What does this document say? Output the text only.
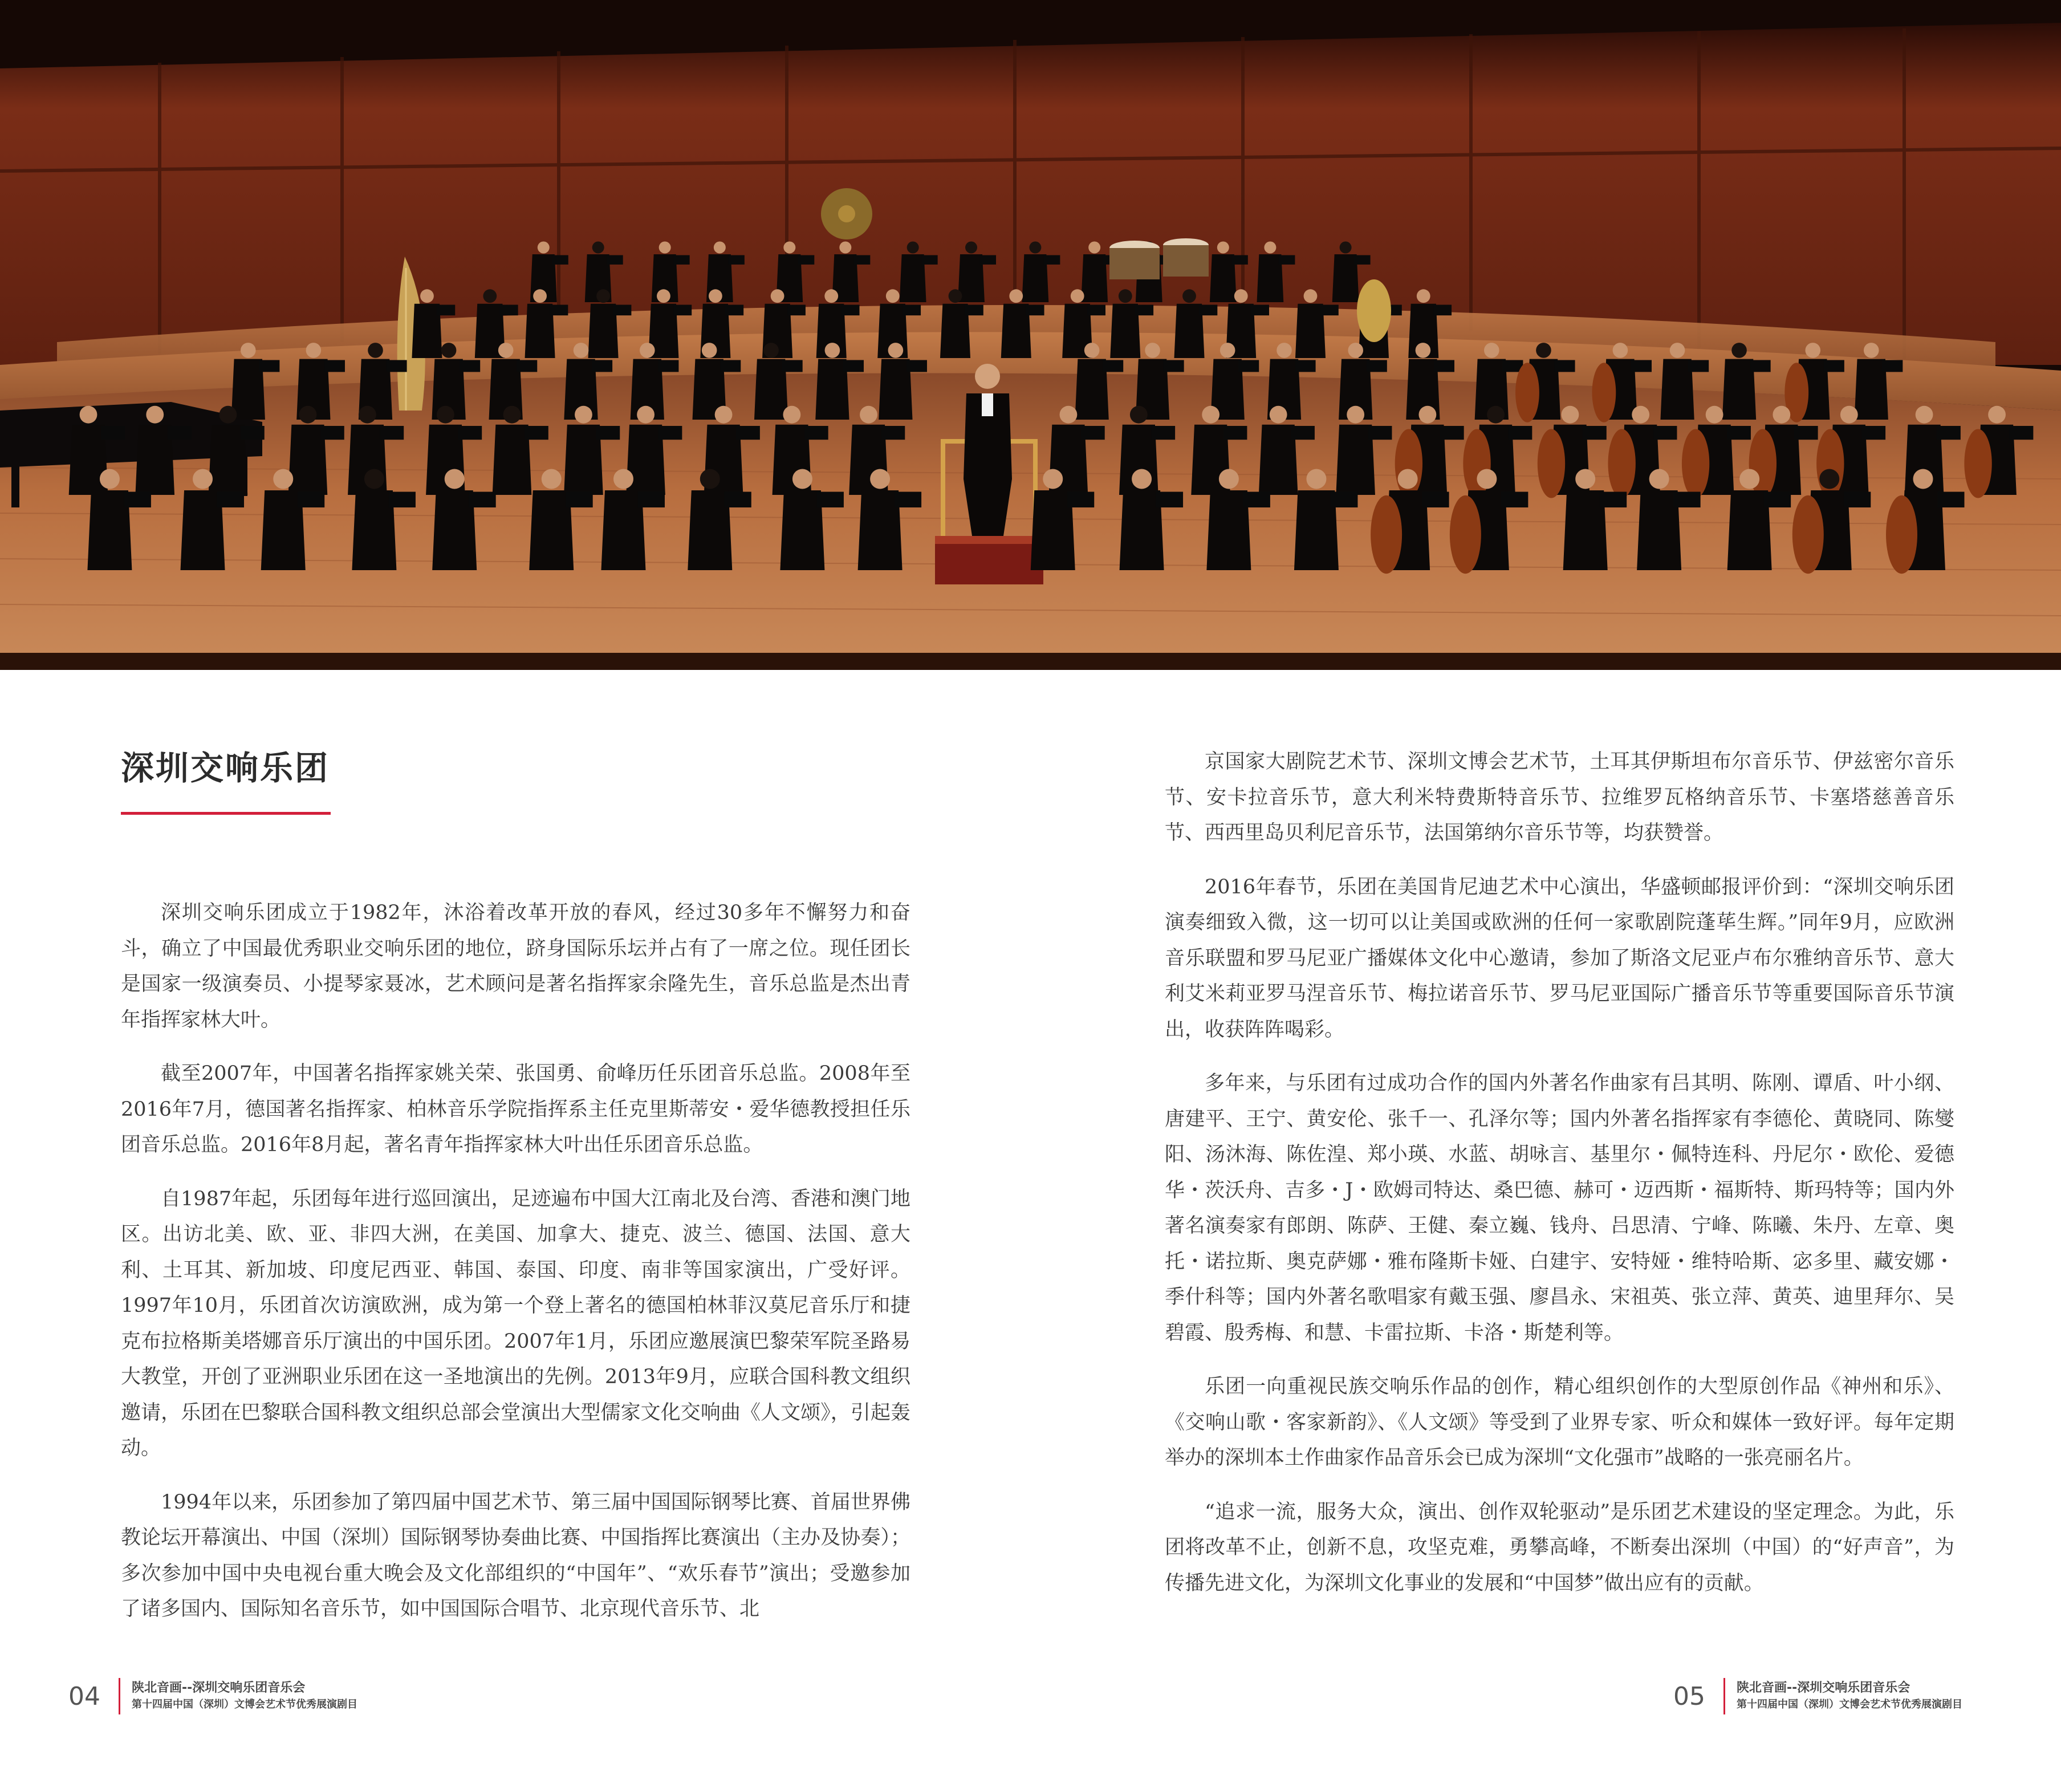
深圳交响乐团

深圳交响乐团成立于1982年，沐浴着改革开放的春风，经过30多年不懈努力和奋斗，确立了中国最优秀职业交响乐团的地位，跻身国际乐坛并占有了一席之位。现任团长是国家一级演奏员、小提琴家聂冰，艺术顾问是著名指挥家余隆先生，音乐总监是杰出青年指挥家林大叶。

截至2007年，中国著名指挥家姚关荣、张国勇、俞峰历任乐团音乐总监。2008年至2016年7月，德国著名指挥家、柏林音乐学院指挥系主任克里斯蒂安・爱华德教授担任乐团音乐总监。2016年8月起，著名青年指挥家林大叶出任乐团音乐总监。

自1987年起，乐团每年进行巡回演出，足迹遍布中国大江南北及台湾、香港和澳门地区。出访北美、欧、亚、非四大洲，在美国、加拿大、捷克、波兰、德国、法国、意大利、土耳其、新加坡、印度尼西亚、韩国、泰国、印度、南非等国家演出，广受好评。1997年10月，乐团首次访演欧洲，成为第一个登上著名的德国柏林菲汉莫尼音乐厅和捷克布拉格斯美塔娜音乐厅演出的中国乐团。2007年1月，乐团应邀展演巴黎荣军院圣路易大教堂，开创了亚洲职业乐团在这一圣地演出的先例。2013年9月，应联合国科教文组织邀请，乐团在巴黎联合国科教文组织总部会堂演出大型儒家文化交响曲《人文颂》，引起轰动。

1994年以来，乐团参加了第四届中国艺术节、第三届中国国际钢琴比赛、首届世界佛教论坛开幕演出、中国（深圳）国际钢琴协奏曲比赛、中国指挥比赛演出（主办及协奏）；多次参加中国中央电视台重大晚会及文化部组织的“中国年”、“欢乐春节”演出；受邀参加了诸多国内、国际知名音乐节，如中国国际合唱节、北京现代音乐节、北

京国家大剧院艺术节、深圳文博会艺术节，土耳其伊斯坦布尔音乐节、伊兹密尔音乐节、安卡拉音乐节，意大利米特费斯特音乐节、拉维罗瓦格纳音乐节、卡塞塔慈善音乐节、西西里岛贝利尼音乐节，法国第纳尔音乐节等，均获赞誉。

2016年春节，乐团在美国肯尼迪艺术中心演出，华盛顿邮报评价到：“深圳交响乐团演奏细致入微，这一切可以让美国或欧洲的任何一家歌剧院蓬荜生辉。”同年9月，应欧洲音乐联盟和罗马尼亚广播媒体文化中心邀请，参加了斯洛文尼亚卢布尔雅纳音乐节、意大利艾米莉亚罗马涅音乐节、梅拉诺音乐节、罗马尼亚国际广播音乐节等重要国际音乐节演出，收获阵阵喝彩。

多年来，与乐团有过成功合作的国内外著名作曲家有吕其明、陈刚、谭盾、叶小纲、唐建平、王宁、黄安伦、张千一、孔泽尔等；国内外著名指挥家有李德伦、黄晓同、陈燮阳、汤沐海、陈佐湟、郑小瑛、水蓝、胡咏言、基里尔・佩特连科、丹尼尔・欧伦、爱德华・茨沃舟、吉多・J・欧姆司特达、桑巴德、赫可・迈西斯・福斯特、斯玛特等；国内外著名演奏家有郎朗、陈萨、王健、秦立巍、钱舟、吕思清、宁峰、陈曦、朱丹、左章、奥托・诺拉斯、奥克萨娜・雅布隆斯卡娅、白建宇、安特娅・维特哈斯、宓多里、藏安娜・季什科等；国内外著名歌唱家有戴玉强、廖昌永、宋祖英、张立萍、黄英、迪里拜尔、吴碧霞、殷秀梅、和慧、卡雷拉斯、卡洛・斯楚利等。

乐团一向重视民族交响乐作品的创作，精心组织创作的大型原创作品《神州和乐》、《交响山歌・客家新韵》、《人文颂》等受到了业界专家、听众和媒体一致好评。每年定期举办的深圳本土作曲家作品音乐会已成为深圳“文化强市”战略的一张亮丽名片。

“追求一流，服务大众，演出、创作双轮驱动”是乐团艺术建设的坚定理念。为此，乐团将改革不止，创新不息，攻坚克难，勇攀高峰，不断奏出深圳（中国）的“好声音”，为传播先进文化，为深圳文化事业的发展和“中国梦”做出应有的贡献。

04	陕北音画--深圳交响乐团音乐会
第十四届中国（深圳）文博会艺术节优秀展演剧目	05	陕北音画--深圳交响乐团音乐会
第十四届中国（深圳）文博会艺术节优秀展演剧目
